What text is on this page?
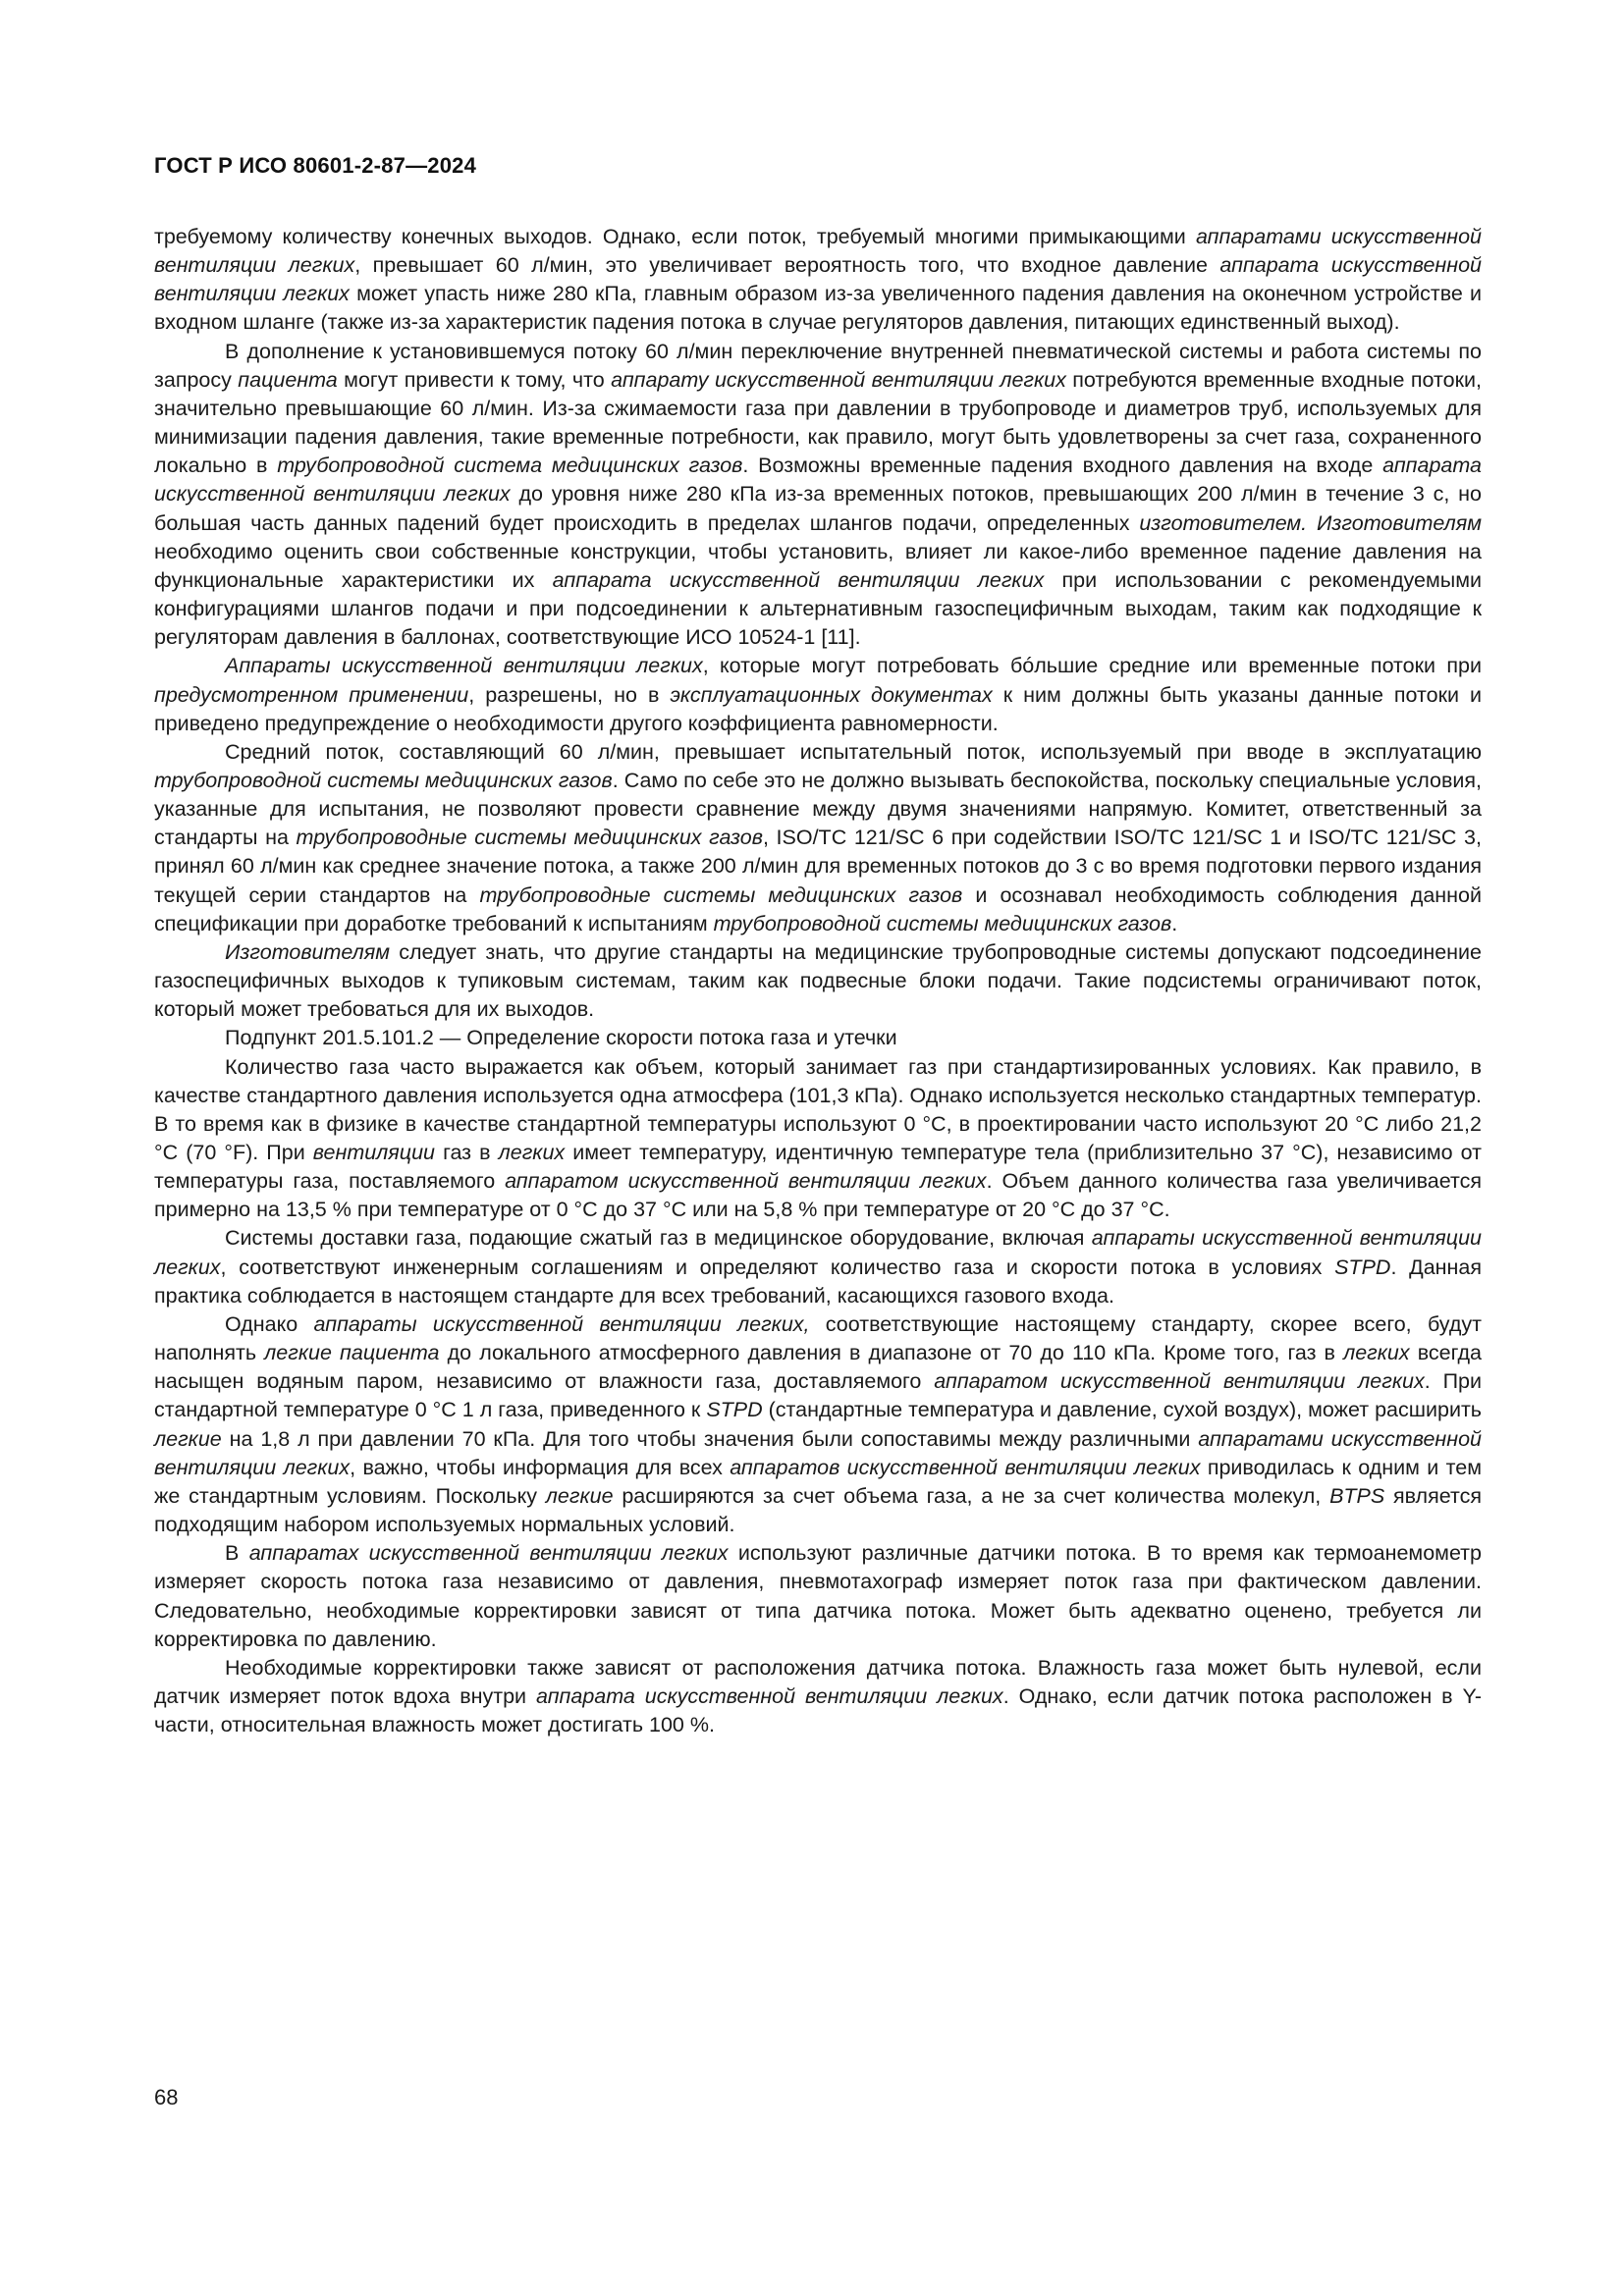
ГОСТ Р ИСО 80601-2-87—2024

требуемому количеству конечных выходов. Однако, если поток, требуемый многими примыкающими аппаратами искусственной вентиляции легких, превышает 60 л/мин, это увеличивает вероятность того, что входное давление аппарата искусственной вентиляции легких может упасть ниже 280 кПа, главным образом из-за увеличенного падения давления на оконечном устройстве и входном шланге (также из-за характеристик падения потока в случае регуляторов давления, питающих единственный выход).

В дополнение к установившемуся потоку 60 л/мин переключение внутренней пневматической системы и работа системы по запросу пациента могут привести к тому, что аппарату искусственной вентиляции легких потребуются временные входные потоки, значительно превышающие 60 л/мин. Из-за сжимаемости газа при давлении в трубопроводе и диаметров труб, используемых для минимизации падения давления, такие временные потребности, как правило, могут быть удовлетворены за счет газа, сохраненного локально в трубопроводной система медицинских газов. Возможны временные падения входного давления на входе аппарата искусственной вентиляции легких до уровня ниже 280 кПа из-за временных потоков, превышающих 200 л/мин в течение 3 с, но большая часть данных падений будет происходить в пределах шлангов подачи, определенных изготовителем. Изготовителям необходимо оценить свои собственные конструкции, чтобы установить, влияет ли какое-либо временное падение давления на функциональные характеристики их аппарата искусственной вентиляции легких при использовании с рекомендуемыми конфигурациями шлангов подачи и при подсоединении к альтернативным газоспецифичным выходам, таким как подходящие к регуляторам давления в баллонах, соответствующие ИСО 10524-1 [11].

Аппараты искусственной вентиляции легких, которые могут потребовать бóльшие средние или временные потоки при предусмотренном применении, разрешены, но в эксплуатационных документах к ним должны быть указаны данные потоки и приведено предупреждение о необходимости другого коэффициента равномерности.

Средний поток, составляющий 60 л/мин, превышает испытательный поток, используемый при вводе в эксплуатацию трубопроводной системы медицинских газов. Само по себе это не должно вызывать беспокойства, поскольку специальные условия, указанные для испытания, не позволяют провести сравнение между двумя значениями напрямую. Комитет, ответственный за стандарты на трубопроводные системы медицинских газов, ISO/TC 121/SC 6 при содействии ISO/TC 121/SC 1 и ISO/TC 121/SC 3, принял 60 л/мин как среднее значение потока, а также 200 л/мин для временных потоков до 3 с во время подготовки первого издания текущей серии стандартов на трубопроводные системы медицинских газов и осознавал необходимость соблюдения данной спецификации при доработке требований к испытаниям трубопроводной системы медицинских газов.

Изготовителям следует знать, что другие стандарты на медицинские трубопроводные системы допускают подсоединение газоспецифичных выходов к тупиковым системам, таким как подвесные блоки подачи. Такие подсистемы ограничивают поток, который может требоваться для их выходов.

Подпункт 201.5.101.2 — Определение скорости потока газа и утечки

Количество газа часто выражается как объем, который занимает газ при стандартизированных условиях. Как правило, в качестве стандартного давления используется одна атмосфера (101,3 кПа). Однако используется несколько стандартных температур. В то время как в физике в качестве стандартной температуры используют 0 °С, в проектировании часто используют 20 °С либо 21,2 °С (70 °F). При вентиляции газ в легких имеет температуру, идентичную температуре тела (приблизительно 37 °С), независимо от температуры газа, поставляемого аппаратом искусственной вентиляции легких. Объем данного количества газа увеличивается примерно на 13,5 % при температуре от 0 °С до 37 °С или на 5,8 % при температуре от 20 °С до 37 °С.

Системы доставки газа, подающие сжатый газ в медицинское оборудование, включая аппараты искусственной вентиляции легких, соответствуют инженерным соглашениям и определяют количество газа и скорости потока в условиях STPD. Данная практика соблюдается в настоящем стандарте для всех требований, касающихся газового входа.

Однако аппараты искусственной вентиляции легких, соответствующие настоящему стандарту, скорее всего, будут наполнять легкие пациента до локального атмосферного давления в диапазоне от 70 до 110 кПа. Кроме того, газ в легких всегда насыщен водяным паром, независимо от влажности газа, доставляемого аппаратом искусственной вентиляции легких. При стандартной температуре 0 °С 1 л газа, приведенного к STPD (стандартные температура и давление, сухой воздух), может расширить легкие на 1,8 л при давлении 70 кПа. Для того чтобы значения были сопоставимы между различными аппаратами искусственной вентиляции легких, важно, чтобы информация для всех аппаратов искусственной вентиляции легких приводилась к одним и тем же стандартным условиям. Поскольку легкие расширяются за счет объема газа, а не за счет количества молекул, BTPS является подходящим набором используемых нормальных условий.

В аппаратах искусственной вентиляции легких используют различные датчики потока. В то время как термоанемометр измеряет скорость потока газа независимо от давления, пневмотахограф измеряет поток газа при фактическом давлении. Следовательно, необходимые корректировки зависят от типа датчика потока. Может быть адекватно оценено, требуется ли корректировка по давлению.

Необходимые корректировки также зависят от расположения датчика потока. Влажность газа может быть нулевой, если датчик измеряет поток вдоха внутри аппарата искусственной вентиляции легких. Однако, если датчик потока расположен в Y-части, относительная влажность может достигать 100 %.

68
